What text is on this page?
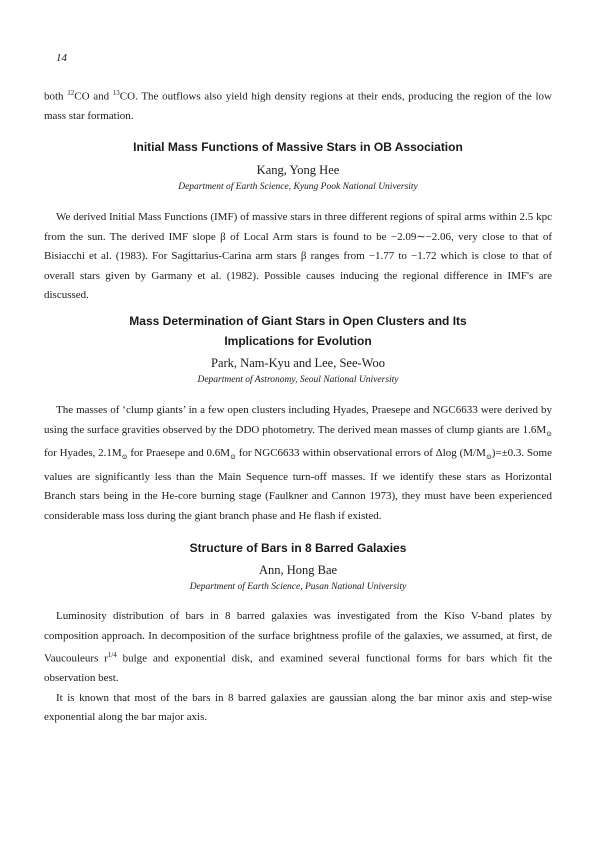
14

both $^{12}$CO and $^{13}$CO. The outflows also yield high density regions at their ends, producing the region of the low mass star formation.

Initial Mass Functions of Massive Stars in OB Association
Kang, Yong Hee
Department of Earth Science, Kyung Pook National University
We derived Initial Mass Functions (IMF) of massive stars in three different regions of spiral arms within 2.5 kpc from the sun. The derived IMF slope β of Local Arm stars is found to be −2.09∼−2.06, very close to that of Bisiacchi et al. (1983). For Sagittarius-Carina arm stars β ranges from −1.77 to −1.72 which is close to that of overall stars given by Garmany et al. (1982). Possible causes inducing the regional difference in IMF's are discussed.
Mass Determination of Giant Stars in Open Clusters and Its
Implications for Evolution
Park, Nam-Kyu and Lee, See-Woo
Department of Astronomy, Seoul National University

The masses of ‘clump giants’ in a few open clusters including Hyades, Praesepe and NGC6633 were derived by using the surface gravities observed by the DDO photometry. The derived mean masses of clump giants are $1.6M_⊙$ for Hyades, $2.1M_⊙$ for Praesepe and $0.6M_⊙$ for NGC6633 within observational errors of Δlog $(M/M_⊙)=\pm 0.3$. Some values are significantly less than the Main Sequence turn-off masses. If we identify these stars as Horizontal Branch stars being in the He-core burning stage (Faulkner and Cannon 1973), they must have been experienced considerable mass loss during the giant branch phase and He flash if existed.

Structure of Bars in 8 Barred Galaxies
Ann, Hong Bae
Department of Earth Science, Pusan National University

Luminosity distribution of bars in 8 barred galaxies was investigated from the Kiso V-band plates by composition approach. In decomposition of the surface brightness profile of the galaxies, we assumed, at first, de Vaucouleurs $r^{1/4}$ bulge and exponential disk, and examined several functional forms for bars which fit the observation best.

It is known that most of the bars in 8 barred galaxies are gaussian along the bar minor axis and step-wise exponential along the bar major axis.
